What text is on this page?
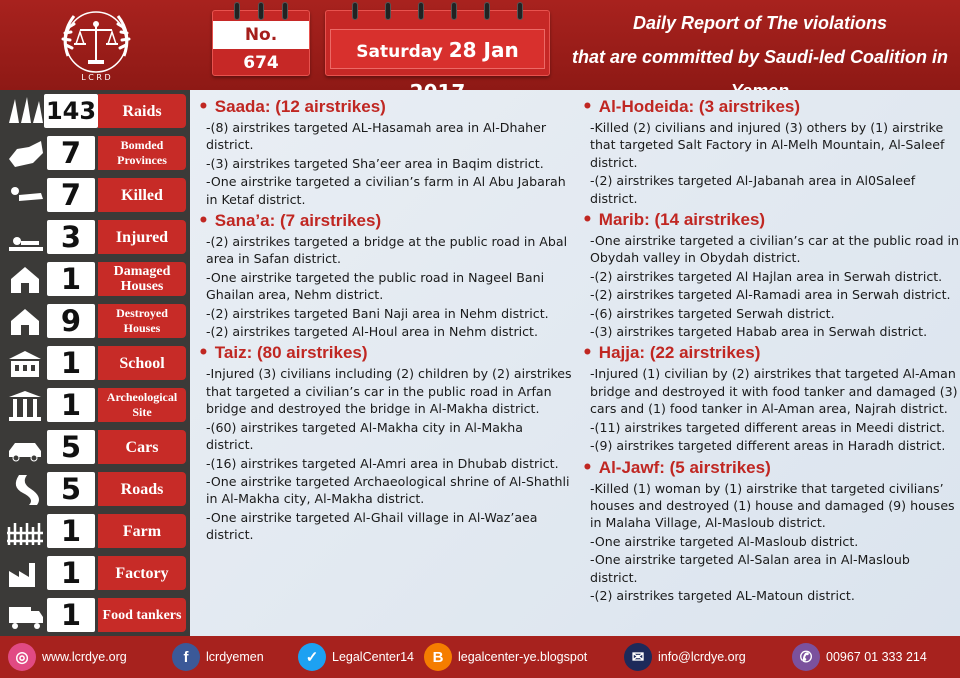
L C R D
No.
674
Saturday 28 Jan
Daily Report of The violations
that are committed by Saudi-led Coalition in
143	Raids
7	Bomded Provinces
7	Killed
3	Injured
1	Damaged Houses
9	Destroyed Houses
1	School
1	Archeological Site
5	Cars
5	Roads
1	Farm
1	Factory
1	Food tankers
• Saada: (12 airstrikes)
-(8) airstrikes targeted AL-Hasamah area in Al-Dhaher district.
-(3) airstrikes targeted Sha’eer area in Baqim district.
-One airstrike targeted a civilian’s farm in Al Abu Jabarah in Ketaf district.
• Sana’a: (7 airstrikes)
-(2) airstrikes targeted a bridge at the public road in Abal area in Safan district.
-One airstrike targeted the public road in Nageel Bani Ghailan area, Nehm district.
-(2) airstrikes targeted Bani Naji area in Nehm district.
-(2) airstrikes targeted Al-Houl area in Nehm district.
• Taiz: (80 airstrikes)
-Injured (3) civilians including (2) children by (2) airstrikes that targeted a civilian’s car in the public road in Arfan bridge and destroyed the bridge in Al-Makha district.
-(60) airstrikes targeted Al-Makha city in Al-Makha district.
-(16) airstrikes targeted Al-Amri area in Dhubab district.
-One airstrike targeted Archaeological shrine of Al-Shathli in Al-Makha city, Al-Makha district.
-One airstrike targeted Al-Ghail village in Al-Waz’aea district.
• Al-Hodeida: (3 airstrikes)
-Killed (2) civilians and injured (3) others by (1) airstrike that targeted Salt Factory in Al-Melh Mountain, Al-Saleef district.
-(2) airstrikes targeted Al-Jabanah area in Al0Saleef district.
• Marib: (14 airstrikes)
-One airstrike targeted a civilian’s car at the public road in Obydah valley in Obydah district.
-(2) airstrikes targeted Al Hajlan area in Serwah district.
-(2) airstrikes targeted Al-Ramadi area in Serwah district.
-(6) airstrikes targeted Serwah district.
-(3) airstrikes targeted Habab area in Serwah district.
• Hajja: (22 airstrikes)
-Injured (1) civilian by (2) airstrikes that targeted Al-Aman bridge and destroyed it with food tanker and damaged (3) cars and (1) food tanker in Al-Aman area, Najrah district.
-(11) airstrikes targeted different areas in Meedi district.
-(9) airstrikes targeted different areas in Haradh district.
• Al-Jawf: (5 airstrikes)
-Killed (1) woman by (1) airstrike that targeted civilians’ houses and destroyed (1) house and damaged (9) houses in Malaha Village, Al-Masloub district.
-One airstrike targeted Al-Masloub district.
-One airstrike targeted Al-Salan area in Al-Masloub district.
-(2) airstrikes targeted AL-Matoun district.
◎	www.lcrdye.org	f	lcrdyemen	✓	LegalCenter14	B	legalcenter-ye.blogspot	✉	info@lcrdye.org	✆	00967 01 333 214
